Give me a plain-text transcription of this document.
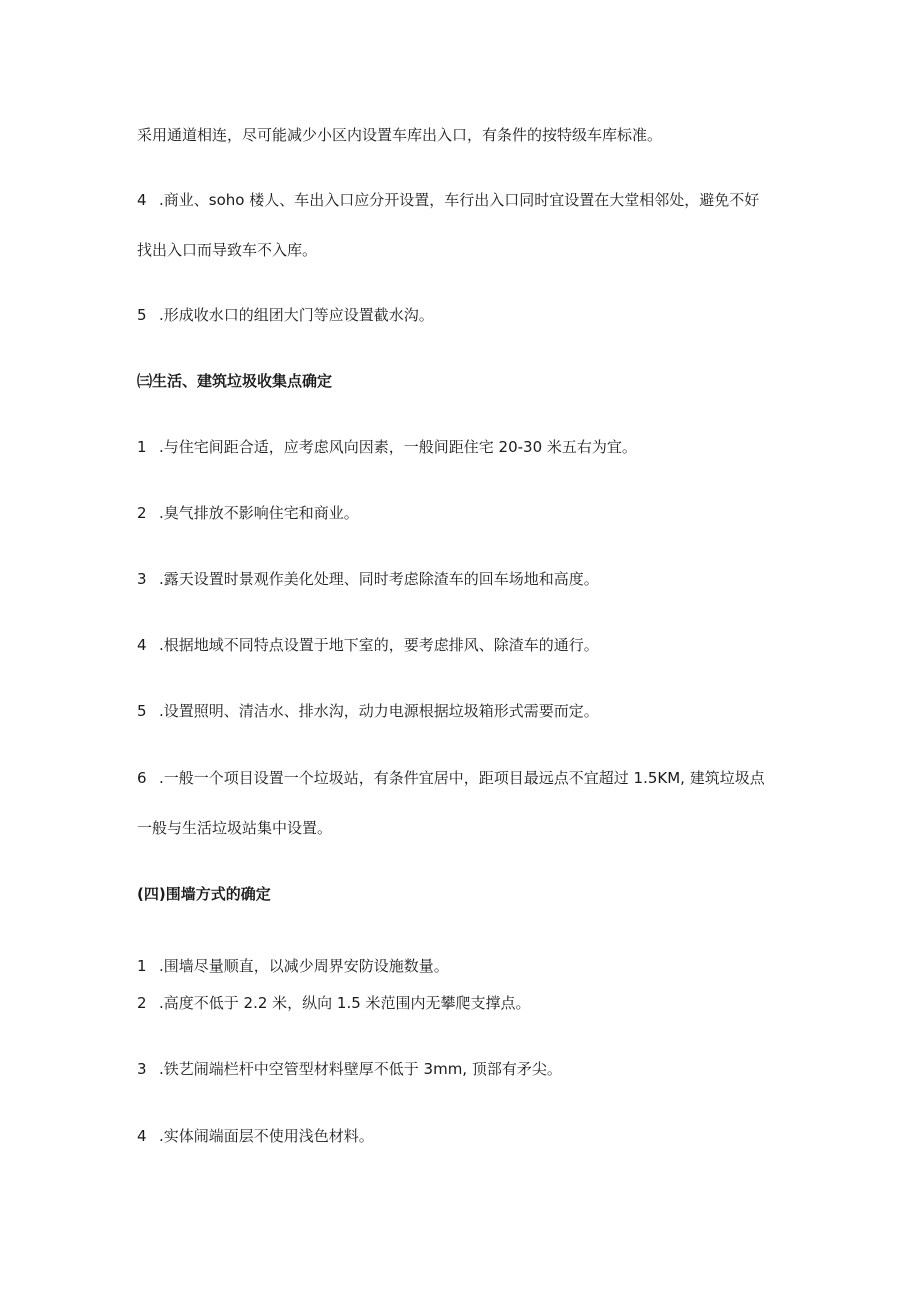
采用通道相连，尽可能减少小区内设置车库出入口，有条件的按特级车库标准。
4 .商业、soho 楼人、车出入口应分开设置，车行出入口同时宜设置在大堂相邻处，避免不好
找出入口而导致车不入库。
5 .形成收水口的组团大门等应设置截水沟。
㈢生活、建筑垃圾收集点确定
1 .与住宅间距合适，应考虑风向因素，一般间距住宅 20-30 米五右为宜。
2 .臭气排放不影响住宅和商业。
3 .露天设置时景观作美化处理、同时考虑除渣车的回车场地和高度。
4 .根据地域不同特点设置于地下室的，要考虑排风、除渣车的通行。
5 .设置照明、清洁水、排水沟，动力电源根据垃圾箱形式需要而定。
6 .一般一个项目设置一个垃圾站，有条件宜居中，距项目最远点不宜超过 1.5KM, 建筑垃圾点
一般与生活垃圾站集中设置。
(四)围墙方式的确定
1 .围墙尽量顺直，以减少周界安防设施数量。
2 .高度不低于 2.2 米，纵向 1.5 米范围内无攀爬支撑点。
3 .铁艺闹端栏杆中空管型材料壁厚不低于 3mm, 顶部有矛尖。
4 .实体闹端面层不使用浅色材料。
